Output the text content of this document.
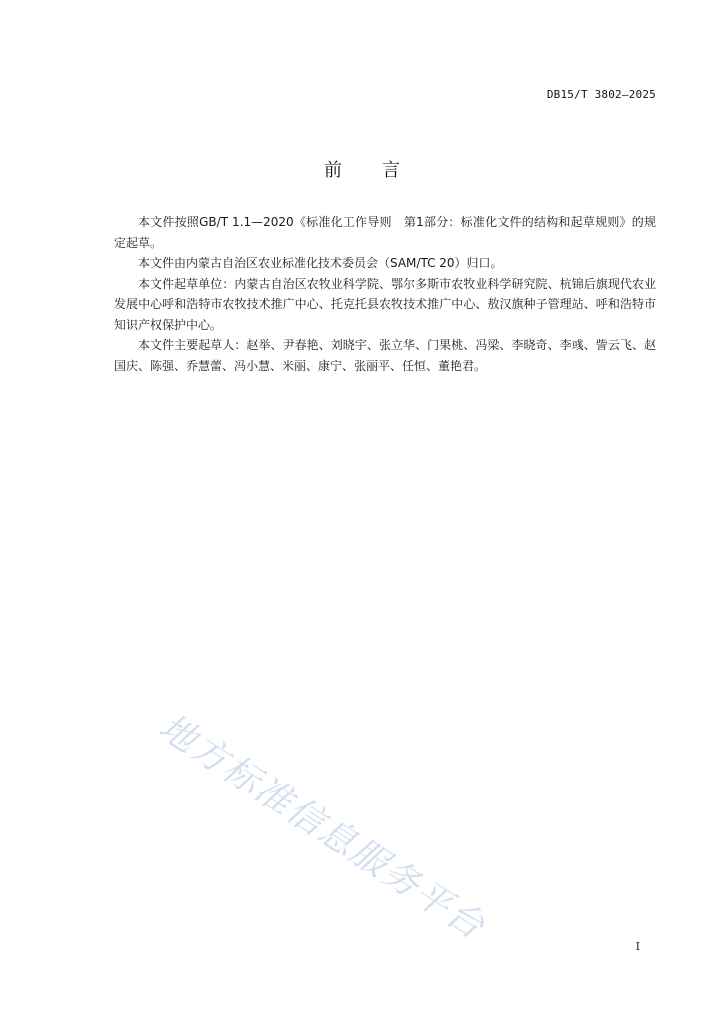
DB15/T 3802—2025
前言

本文件按照GB/T 1.1—2020《标准化工作导则　第1部分：标准化文件的结构和起草规则》的规定起草。

本文件由内蒙古自治区农业标准化技术委员会（SAM/TC 20）归口。

本文件起草单位：内蒙古自治区农牧业科学院、鄂尔多斯市农牧业科学研究院、杭锦后旗现代农业发展中心呼和浩特市农牧技术推广中心、托克托县农牧技术推广中心、敖汉旗种子管理站、呼和浩特市知识产权保护中心。

本文件主要起草人：赵举、尹春艳、刘晓宇、张立华、门果桃、冯梁、李晓奇、李彧、訾云飞、赵国庆、陈强、乔慧蕾、冯小慧、米丽、康宁、张丽平、任恒、董艳君。

地方标准信息服务平台	I
